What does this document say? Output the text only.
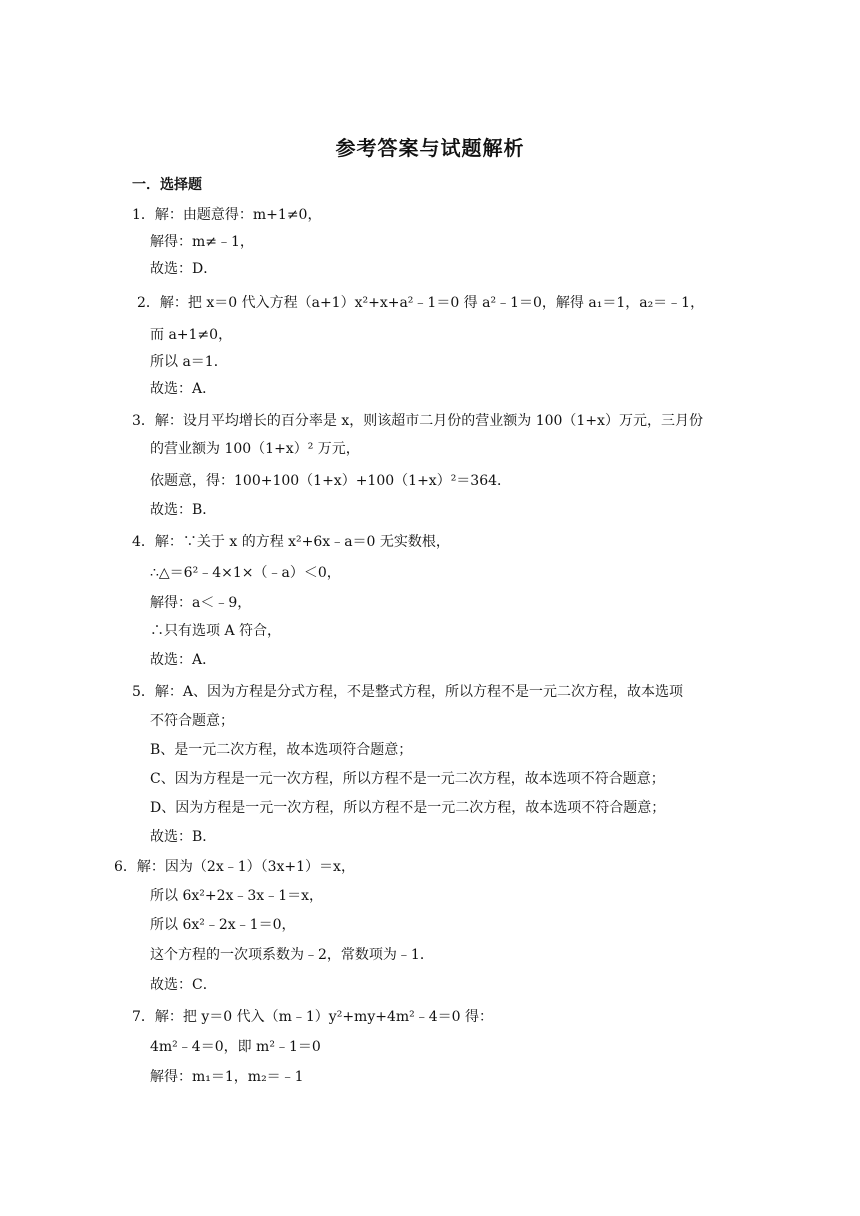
参考答案与试题解析
一．选择题
1．解：由题意得：m+1≠0，
解得：m≠﹣1，
故选：D．
2．解：把 x＝0 代入方程（a+1）x²+x+a²﹣1＝0 得 a²﹣1＝0，解得 a₁＝1，a₂＝﹣1，
而 a+1≠0，
所以 a＝1．
故选：A．
3．解：设月平均增长的百分率是 x，则该超市二月份的营业额为 100（1+x）万元，三月份
的营业额为 100（1+x）² 万元，
依题意，得：100+100（1+x）+100（1+x）²＝364．
故选：B．
4．解：∵关于 x 的方程 x²+6x﹣a＝0 无实数根，
∴△＝6²﹣4×1×（﹣a）＜0，
解得：a＜﹣9，
∴只有选项 A 符合，
故选：A．
5．解：A、因为方程是分式方程，不是整式方程，所以方程不是一元二次方程，故本选项
不符合题意；
B、是一元二次方程，故本选项符合题意；
C、因为方程是一元一次方程，所以方程不是一元二次方程，故本选项不符合题意；
D、因为方程是一元一次方程，所以方程不是一元二次方程，故本选项不符合题意；
故选：B．
6．解：因为（2x﹣1）（3x+1）＝x，
所以 6x²+2x﹣3x﹣1＝x，
所以 6x²﹣2x﹣1＝0，
这个方程的一次项系数为﹣2，常数项为﹣1．
故选：C．
7．解：把 y＝0 代入（m﹣1）y²+my+4m²﹣4＝0 得：
4m²﹣4＝0，即 m²﹣1＝0
解得：m₁＝1，m₂＝﹣1
